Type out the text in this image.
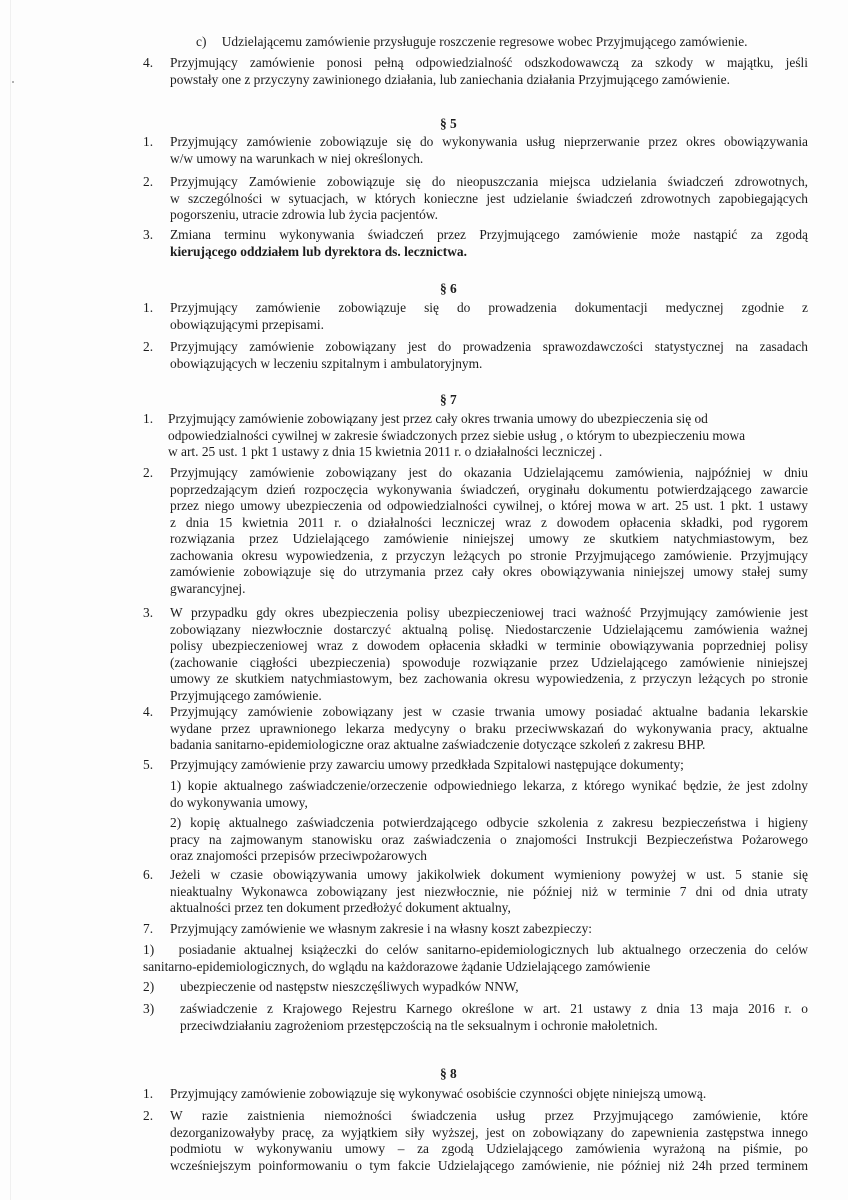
c) Udzielającemu zamówienie przysługuje roszczenie regresowe wobec Przyjmującego zamówienie.
4. Przyjmujący zamówienie ponosi pełną odpowiedzialność odszkodowawczą za szkody w majątku, jeśli
powstały one z przyczyny zawinionego działania, lub zaniechania działania Przyjmującego zamówienie.
§ 5
1. Przyjmujący zamówienie zobowiązuje się do wykonywania usług nieprzerwanie przez okres obowiązywania
w/w umowy na warunkach w niej określonych.
2. Przyjmujący Zamówienie zobowiązuje się do nieopuszczania miejsca udzielania świadczeń zdrowotnych,
w szczególności w sytuacjach, w których konieczne jest udzielanie świadczeń zdrowotnych zapobiegających
pogorszeniu, utracie zdrowia lub życia pacjentów.
3. Zmiana terminu wykonywania świadczeń przez Przyjmującego zamówienie może nastąpić za zgodą
kierującego oddziałem lub dyrektora ds. lecznictwa.
§ 6
1. Przyjmujący zamówienie zobowiązuje się do prowadzenia dokumentacji medycznej zgodnie z
obowiązującymi przepisami.
2. Przyjmujący zamówienie zobowiązany jest do prowadzenia sprawozdawczości statystycznej na zasadach
obowiązujących w leczeniu szpitalnym i ambulatoryjnym.
§ 7
1. Przyjmujący zamówienie zobowiązany jest przez cały okres trwania umowy do ubezpieczenia się od
odpowiedzialności cywilnej w zakresie świadczonych przez siebie usług , o którym to ubezpieczeniu mowa
w art. 25 ust. 1 pkt 1 ustawy z dnia 15 kwietnia 2011 r. o działalności leczniczej .
2. Przyjmujący zamówienie zobowiązany jest do okazania Udzielającemu zamówienia, najpóźniej w dniu
poprzedzającym dzień rozpoczęcia wykonywania świadczeń, oryginału dokumentu potwierdzającego zawarcie
przez niego umowy ubezpieczenia od odpowiedzialności cywilnej, o której mowa w art. 25 ust. 1 pkt. 1 ustawy
z dnia 15 kwietnia 2011 r. o działalności leczniczej wraz z dowodem opłacenia składki, pod rygorem
rozwiązania przez Udzielającego zamówienie niniejszej umowy ze skutkiem natychmiastowym, bez
zachowania okresu wypowiedzenia, z przyczyn leżących po stronie Przyjmującego zamówienie. Przyjmujący
zamówienie zobowiązuje się do utrzymania przez cały okres obowiązywania niniejszej umowy stałej sumy
gwarancyjnej.
3. W przypadku gdy okres ubezpieczenia polisy ubezpieczeniowej traci ważność Przyjmujący zamówienie jest
zobowiązany niezwłocznie dostarczyć aktualną polisę. Niedostarczenie Udzielającemu zamówienia ważnej
polisy ubezpieczeniowej wraz z dowodem opłacenia składki w terminie obowiązywania poprzedniej polisy
(zachowanie ciągłości ubezpieczenia) spowoduje rozwiązanie przez Udzielającego zamówienie niniejszej
umowy ze skutkiem natychmiastowym, bez zachowania okresu wypowiedzenia, z przyczyn leżących po stronie
Przyjmującego zamówienie.
4. Przyjmujący zamówienie zobowiązany jest w czasie trwania umowy posiadać aktualne badania lekarskie
wydane przez uprawnionego lekarza medycyny o braku przeciwwskazań do wykonywania pracy, aktualne
badania sanitarno-epidemiologiczne oraz aktualne zaświadczenie dotyczące szkoleń z zakresu BHP.
5. Przyjmujący zamówienie przy zawarciu umowy przedkłada Szpitalowi następujące dokumenty;
1) kopie aktualnego zaświadczenie/orzeczenie odpowiedniego lekarza, z którego wynikać będzie, że jest zdolny
do wykonywania umowy,
2) kopię aktualnego zaświadczenia potwierdzającego odbycie szkolenia z zakresu bezpieczeństwa i higieny
pracy na zajmowanym stanowisku oraz zaświadczenia o znajomości Instrukcji Bezpieczeństwa Pożarowego
oraz znajomości przepisów przeciwpożarowych
6. Jeżeli w czasie obowiązywania umowy jakikolwiek dokument wymieniony powyżej w ust. 5 stanie się
nieaktualny Wykonawca zobowiązany jest niezwłocznie, nie później niż w terminie 7 dni od dnia utraty
aktualności przez ten dokument przedłożyć dokument aktualny,
7. Przyjmujący zamówienie we własnym zakresie i na własny koszt zabezpieczy:
1) posiadanie aktualnej książeczki do celów sanitarno-epidemiologicznych lub aktualnego orzeczenia do celów
sanitarno-epidemiologicznych, do wglądu na każdorazowe żądanie Udzielającego zamówienie
2) ubezpieczenie od następstw nieszczęśliwych wypadków NNW,
3) zaświadczenie z Krajowego Rejestru Karnego określone w art. 21 ustawy z dnia 13 maja 2016 r. o
przeciwdziałaniu zagrożeniom przestępczością na tle seksualnym i ochronie małoletnich.
§ 8
1. Przyjmujący zamówienie zobowiązuje się wykonywać osobiście czynności objęte niniejszą umową.
2. W razie zaistnienia niemożności świadczenia usług przez Przyjmującego zamówienie, które
dezorganizowałyby pracę, za wyjątkiem siły wyższej, jest on zobowiązany do zapewnienia zastępstwa innego
podmiotu w wykonywaniu umowy – za zgodą Udzielającego zamówienia wyrażoną na piśmie, po
wcześniejszym poinformowaniu o tym fakcie Udzielającego zamówienie, nie później niż 24h przed terminem
